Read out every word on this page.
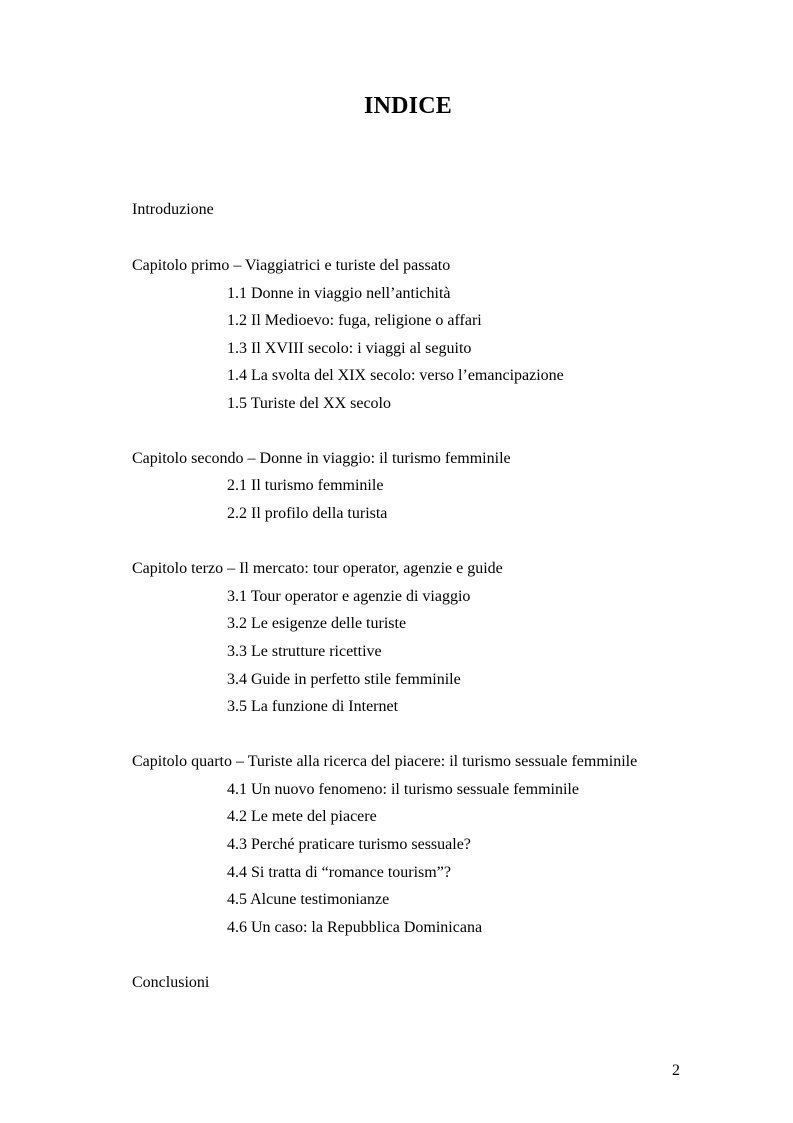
INDICE
Introduzione
Capitolo primo – Viaggiatrici e turiste del passato
1.1 Donne in viaggio nell’antichità
1.2 Il Medioevo: fuga, religione o affari
1.3 Il XVIII secolo: i viaggi al seguito
1.4 La svolta del XIX secolo: verso l’emancipazione
1.5 Turiste del XX secolo
Capitolo secondo – Donne in viaggio: il turismo femminile
2.1 Il turismo femminile
2.2 Il profilo della turista
Capitolo terzo – Il mercato: tour operator, agenzie e guide
3.1 Tour operator e agenzie di viaggio
3.2 Le esigenze delle turiste
3.3 Le strutture ricettive
3.4 Guide in perfetto stile femminile
3.5 La funzione di Internet
Capitolo quarto – Turiste alla ricerca del piacere: il turismo sessuale femminile
4.1 Un nuovo fenomeno: il turismo sessuale femminile
4.2 Le mete del piacere
4.3 Perché praticare turismo sessuale?
4.4 Si tratta di “romance tourism”?
4.5 Alcune testimonianze
4.6 Un caso: la Repubblica Dominicana
Conclusioni
2
